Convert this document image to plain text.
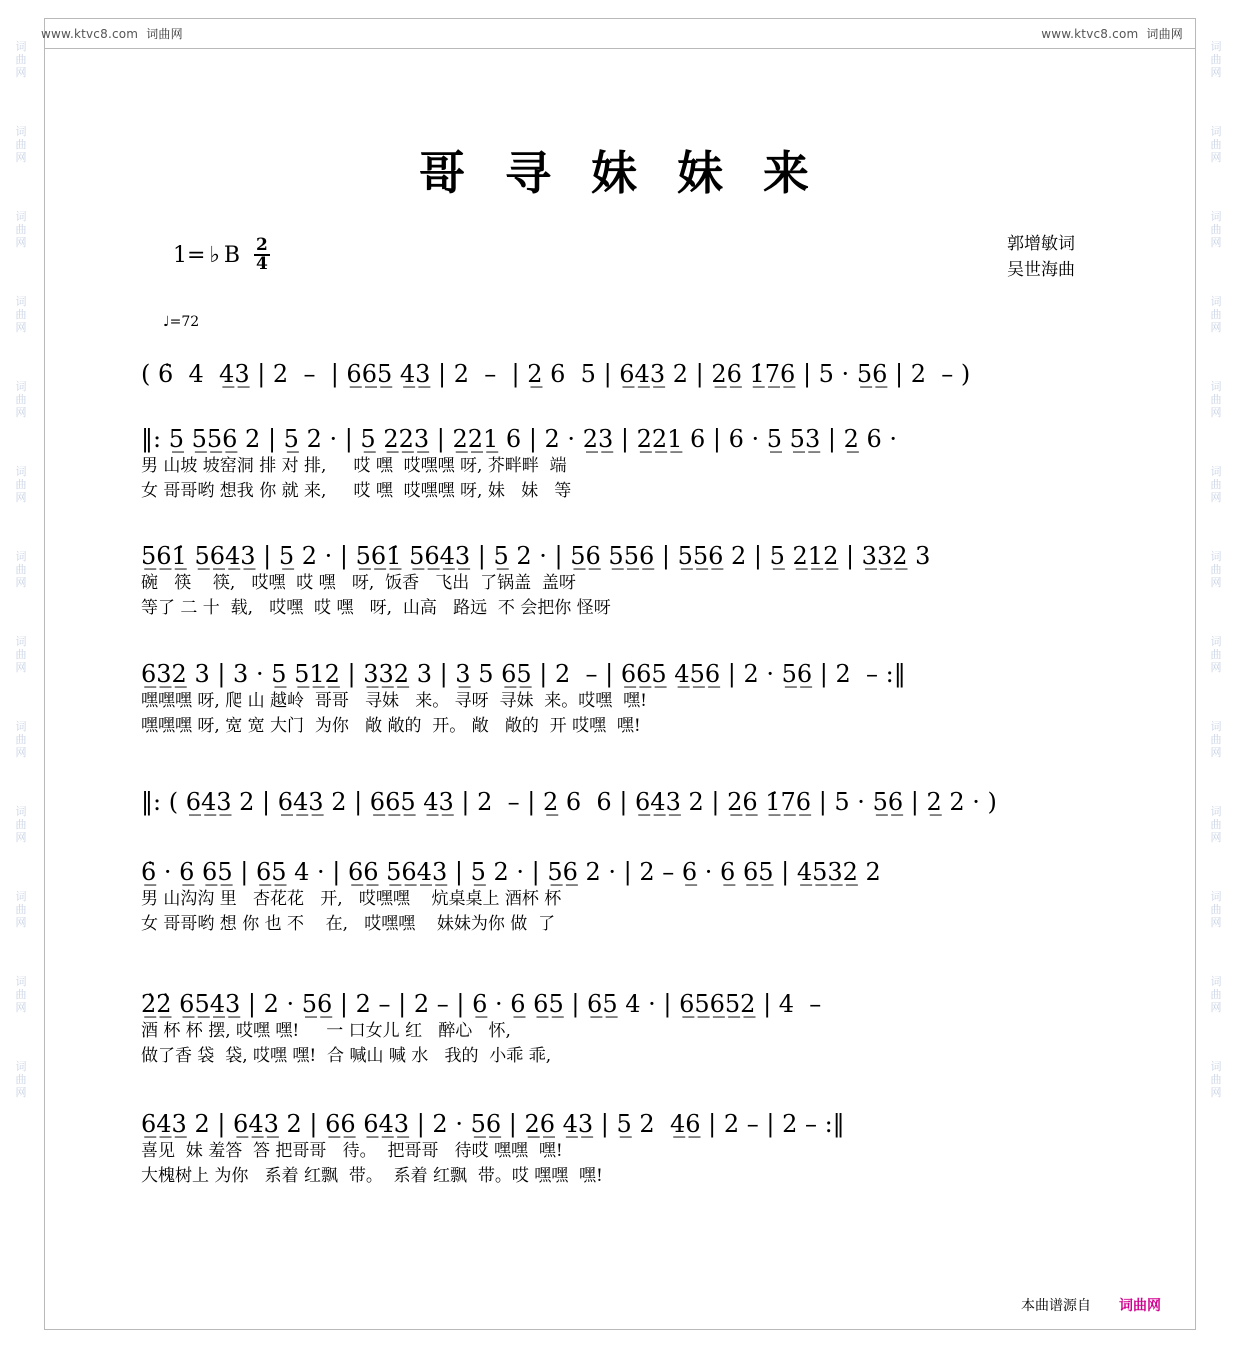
词曲网
词曲网
词曲网
词曲网
词曲网
词曲网
词曲网
词曲网
词曲网
词曲网
词曲网
词曲网
词曲网
词曲网
词曲网
词曲网
词曲网
词曲网
词曲网
词曲网
词曲网
词曲网
词曲网
词曲网
词曲网
词曲网
www.ktvc8.com 词曲网	www.ktvc8.com 词曲网
哥 寻 妹 妹 来
1= ♭ B $\frac{2}{4}$	郭增敏词
吴世海曲
♩=72
( 6̇  4  4̲3̲ | 2  –  | 6̲6̲5̲ 4̲3̲ | 2  –  | 2̲ 6  5 | 6̲4̲3̲ 2 | 2̲6̲ 1̲̇7̲6̲ | 5 · 5̲6̲ | 2  – )
‖: 5̲ 5̲5̲6̲ 2 | 5̲ 2 · | 5̲ 2̲2̲3̲ | 2̲2̲1̲ 6 | 2 · 2̲3̲ | 2̲2̲1̲ 6 | 6 · 5̲ 5̲3̲ | 2̲ 6 ·
男 山坡 坡窑洞 排 对 排,     哎 嘿  哎嘿嘿 呀, 芥畔畔  端
女 哥哥哟 想我 你 就 来,     哎 嘿  哎嘿嘿 呀, 妹   妹   等
5̲6̲1̲̇ 5̲6̲4̲3̲ | 5̲ 2 · | 5̲6̲1̲̇ 5̲6̲4̲3̲ | 5̲ 2 · | 5̲6̲ 5̲5̲6̲ | 5̲5̲6̲ 2 | 5̲ 2̲1̲2̲ | 3̲3̲2̲ 3
碗   筷    筷,   哎嘿  哎 嘿   呀,  饭香   飞出  了锅盖  盖呀
等了 二 十  载,   哎嘿  哎 嘿   呀,  山高   路远  不 会把你 怪呀
6̲3̲2̲ 3 | 3 · 5̲ 5̲1̲2̲ | 3̲3̲2̲ 3 | 3̲ 5 6̲5̲ | 2  – | 6̲6̲5̲ 4̲5̲6̲ | 2 · 5̲6̲ | 2  – :‖
嘿嘿嘿 呀, 爬 山 越岭  哥哥   寻妹   来。 寻呀  寻妹  来。哎嘿  嘿!
嘿嘿嘿 呀, 宽 宽 大门  为你   敞 敞的  开。 敞   敞的  开 哎嘿  嘿!
‖: ( 6̲4̲3̲ 2 | 6̲4̲3̲ 2 | 6̲6̲5̲ 4̲3̲ | 2  – | 2̲ 6  6 | 6̲4̲3̲ 2 | 2̲6̲ 1̲̇7̲6̲ | 5 · 5̲6̲ | 2̲ 2 · )
6̲̇ · 6̲ 6̲5̲ | 6̲5̲ 4 · | 6̲6̲ 5̲6̲4̲3̲ | 5̲ 2 · | 5̲6̲ 2 · | 2 – 6̲ · 6̲ 6̲5̲ | 4̲5̲3̲2̲ 2
男 山沟沟 里   杏花花   开,   哎嘿嘿    炕桌桌上 酒杯 杯
女 哥哥哟 想 你 也 不    在,   哎嘿嘿    妹妹为你 做  了
2̲̇2̲̇ 6̲5̲4̲3̲ | 2 · 5̲6̲ | 2 – | 2 – | 6̲ · 6̲ 6̲5̲ | 6̲5̲ 4 · | 6̲5̲6̲5̲2̲ | 4  –
酒 杯 杯 摆, 哎嘿 嘿!     一 口女儿 红   醉心   怀,
做了香 袋  袋, 哎嘿 嘿!  合 喊山 喊 水   我的  小乖 乖,
6̲4̲3̲ 2 | 6̲4̲3̲ 2 | 6̲6̲ 6̲4̲3̲ | 2 · 5̲6̲ | 2̲6̲ 4̲3̲ | 5̲ 2  4̲6̲ | 2 – | 2 – :‖
喜见  妹 羞答  答 把哥哥   待。  把哥哥   待哎 嘿嘿  嘿!
大槐树上 为你   系着 红飘  带。  系着 红飘  带。哎 嘿嘿  嘿!
本曲谱源自 词曲网
